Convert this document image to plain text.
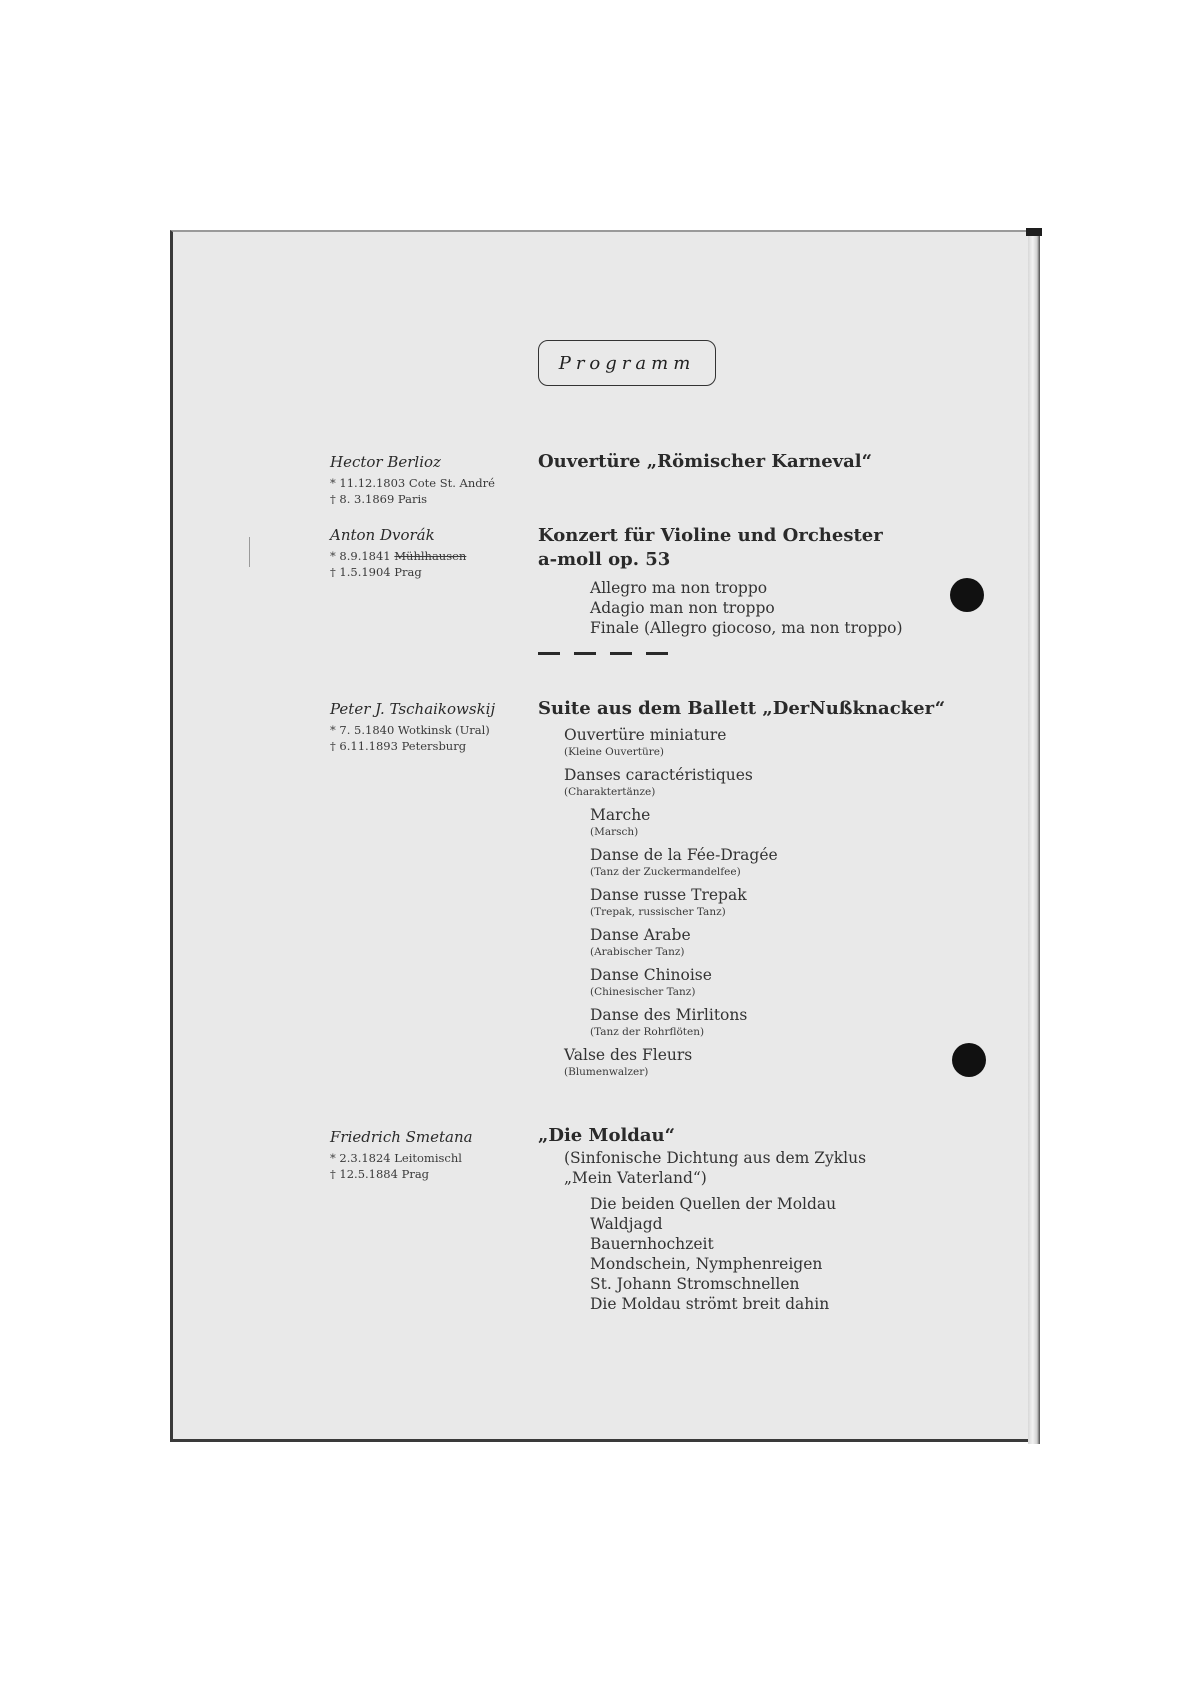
Programm
Hector Berlioz
* 11.12.1803 Cote St. André
† 8. 3.1869 Paris
Ouvertüre „Römischer Karneval“
Anton Dvorák
* 8.9.1841 Mühlhausen
† 1.5.1904 Prag
Konzert für Violine und Orchester
a-moll op. 53
Allegro ma non troppo
Adagio man non troppo
Finale (Allegro giocoso, ma non troppo)
Peter J. Tschaikowskij
* 7. 5.1840 Wotkinsk (Ural)
† 6.11.1893 Petersburg
Suite aus dem Ballett „DerNußknacker“
Ouvertüre miniature
(Kleine Ouvertüre)
Danses caractéristiques
(Charaktertänze)
Marche
(Marsch)
Danse de la Fée-Dragée
(Tanz der Zuckermandelfee)
Danse russe Trepak
(Trepak, russischer Tanz)
Danse Arabe
(Arabischer Tanz)
Danse Chinoise
(Chinesischer Tanz)
Danse des Mirlitons
(Tanz der Rohrflöten)
Valse des Fleurs
(Blumenwalzer)
Friedrich Smetana
* 2.3.1824 Leitomischl
† 12.5.1884 Prag
„Die Moldau“
(Sinfonische Dichtung aus dem Zyklus
„Mein Vaterland“)
Die beiden Quellen der Moldau
Waldjagd
Bauernhochzeit
Mondschein, Nymphenreigen
St. Johann Stromschnellen
Die Moldau strömt breit dahin
